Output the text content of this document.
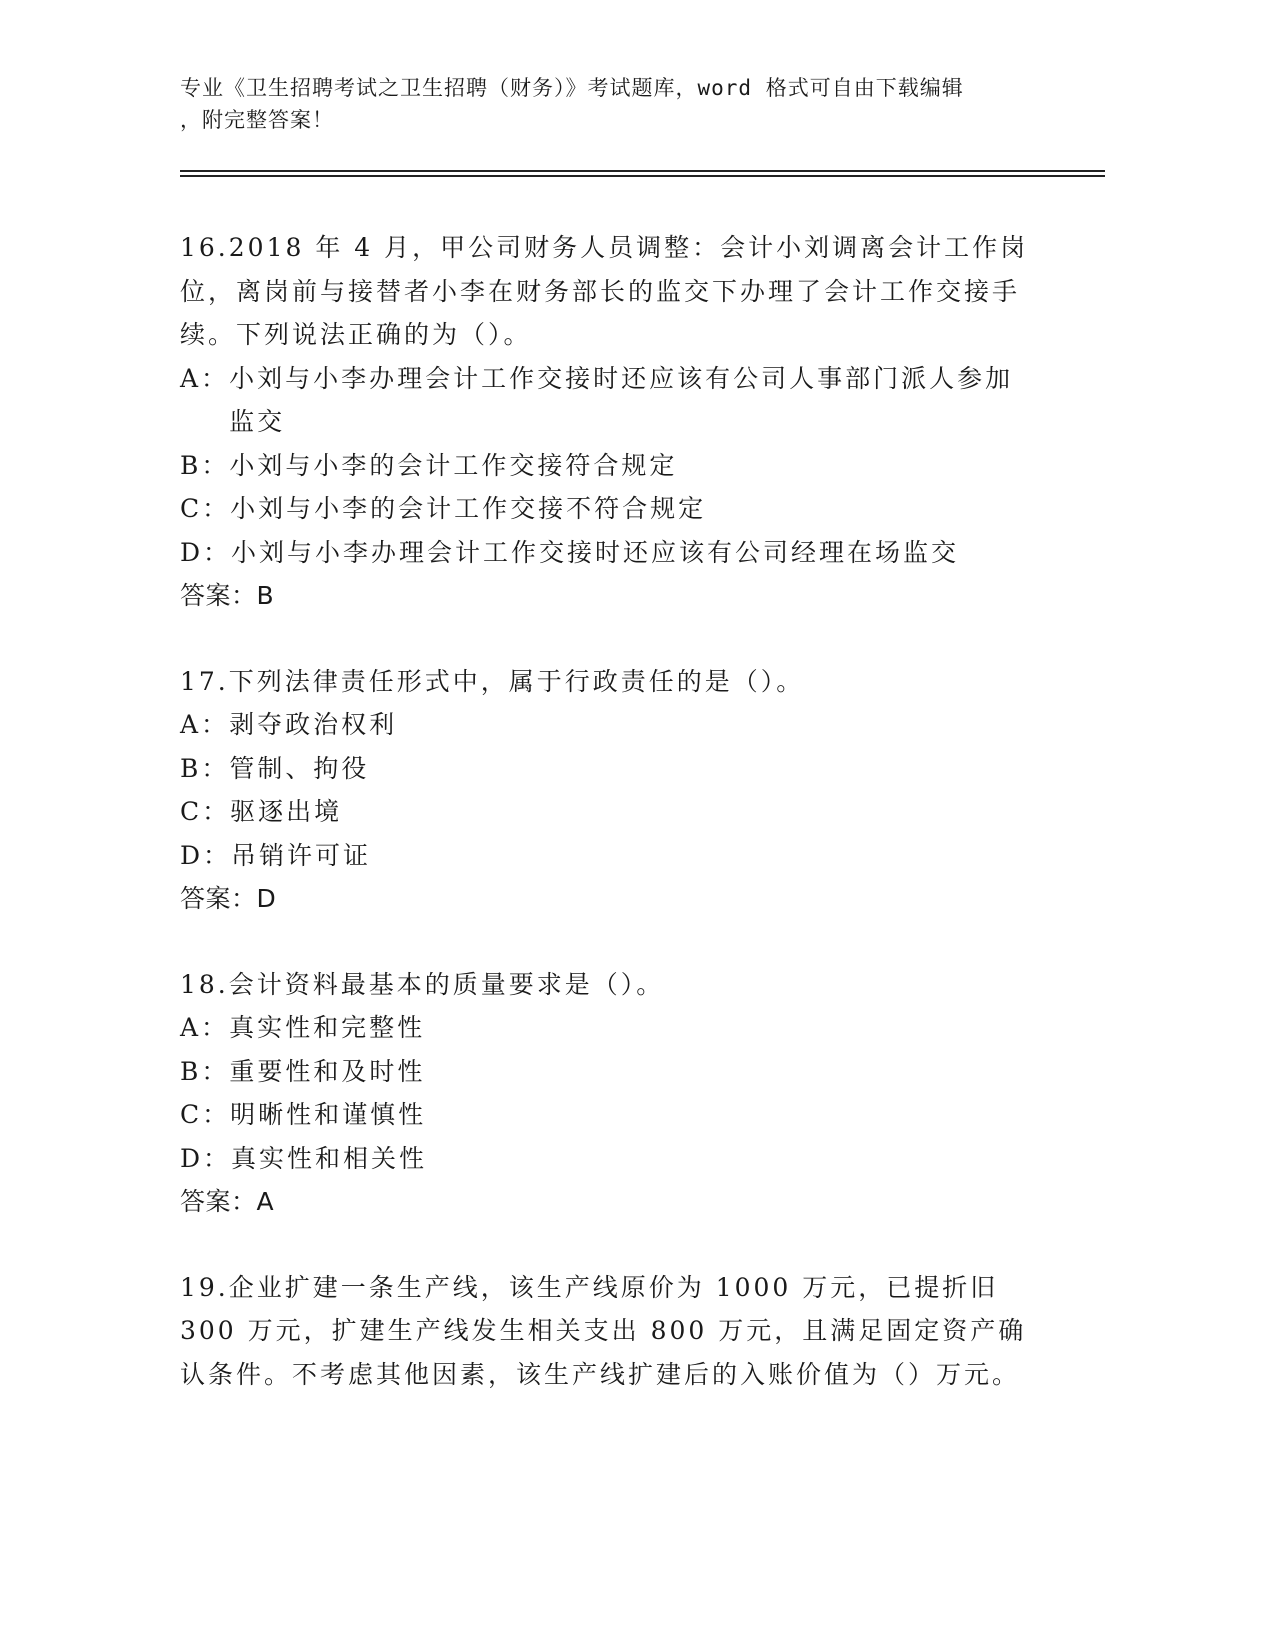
专业《卫生招聘考试之卫生招聘（财务）》考试题库，word 格式可自由下载编辑
，附完整答案！

16.2018 年 4 月，甲公司财务人员调整：会计小刘调离会计工作岗位，离岗前与接替者小李在财务部长的监交下办理了会计工作交接手续。下列说法正确的为（）。

A： 小刘与小李办理会计工作交接时还应该有公司人事部门派人参加监交
B： 小刘与小李的会计工作交接符合规定
C： 小刘与小李的会计工作交接不符合规定
D： 小刘与小李办理会计工作交接时还应该有公司经理在场监交

答案：B

17.下列法律责任形式中，属于行政责任的是（）。

A： 剥夺政治权利
B： 管制、拘役
C： 驱逐出境
D： 吊销许可证

答案：D

18.会计资料最基本的质量要求是（）。

A： 真实性和完整性
B： 重要性和及时性
C： 明晰性和谨慎性
D： 真实性和相关性

答案：A

19.企业扩建一条生产线，该生产线原价为 1000 万元，已提折旧 300 万元，扩建生产线发生相关支出 800 万元，且满足固定资产确认条件。不考虑其他因素，该生产线扩建后的入账价值为（）万元。
